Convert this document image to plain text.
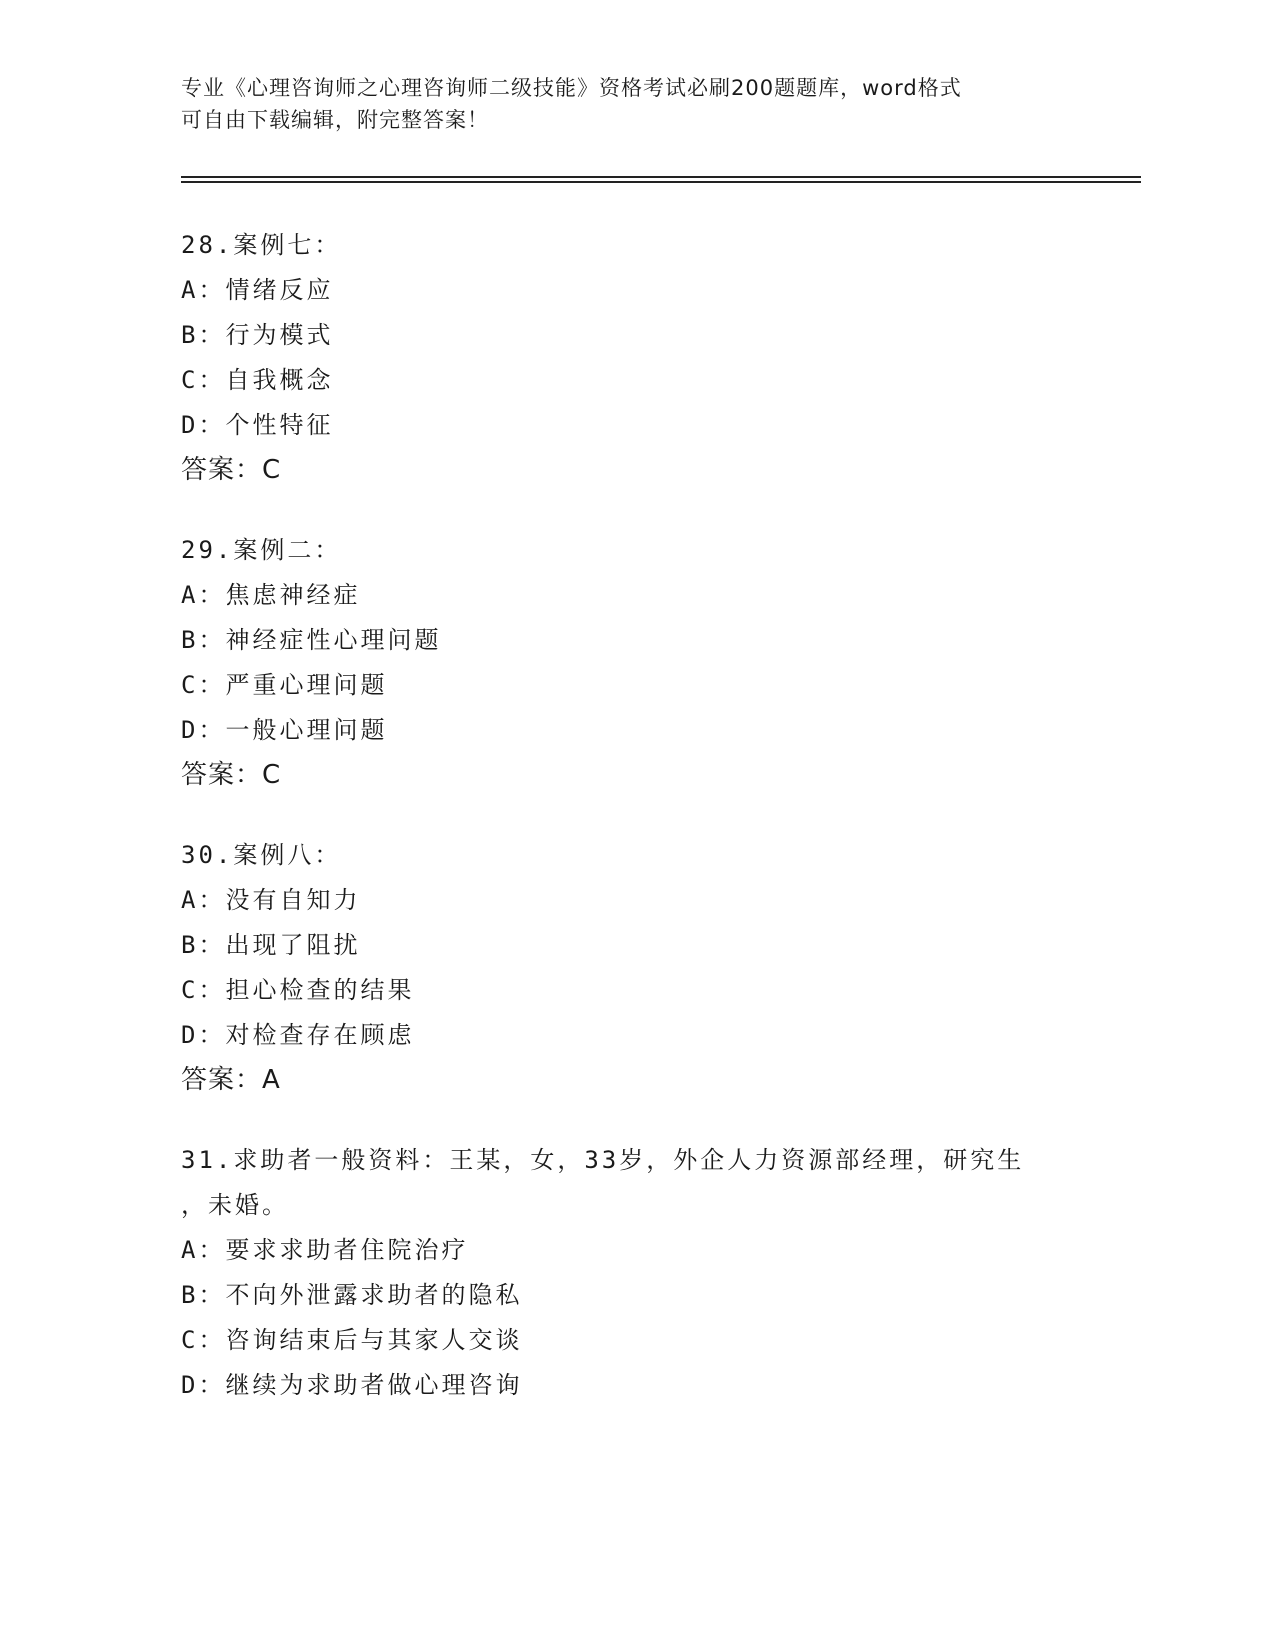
专业《心理咨询师之心理咨询师二级技能》资格考试必刷200题题库，word格式
可自由下载编辑，附完整答案！
28.案例七：
A：情绪反应
B：行为模式
C：自我概念
D：个性特征
答案：C
29.案例二：
A：焦虑神经症
B：神经症性心理问题
C：严重心理问题
D：一般心理问题
答案：C
30.案例八：
A：没有自知力
B：出现了阻扰
C：担心检查的结果
D：对检查存在顾虑
答案：A
31.求助者一般资料：王某，女，33岁，外企人力资源部经理，研究生
，未婚。
A：要求求助者住院治疗
B：不向外泄露求助者的隐私
C：咨询结束后与其家人交谈
D：继续为求助者做心理咨询
